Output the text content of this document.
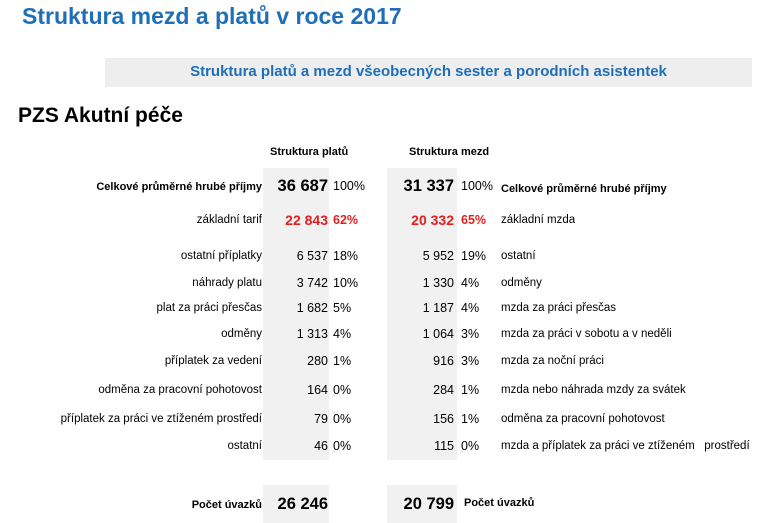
Struktura mezd a platů v roce 2017
Struktura platů a mezd všeobecných sester a porodních asistentek
PZS Akutní péče
Struktura platů	Struktura mezd
Celkové průměrné hrubé příjmy 36 687 100%	31 337 100% Celkové průměrné hrubé příjmy
základní tarif	22 843 62%	20 332 65% základní mzda
ostatní příplatky	6 537 18%	5 952 19% ostatní
náhrady platu	3 742 10%	1 330 4% odměny
plat za práci přesčas	1 682 5%	1 187 4% mzda za práci přesčas
odměny	1 313 4%	1 064 3% mzda za práci v sobotu a v neděli
příplatek za vedení	280 1%	916 3% mzda za noční práci
odměna za pracovní pohotovost	164 0%	284 1% mzda nebo náhrada mzdy za svátek
příplatek za práci ve ztíženém prostředí	79 0%	156 1% odměna za pracovní pohotovost
ostatní	46 0%	115 0% mzda a příplatek za práci ve ztíženém   prostředí
Počet úvazků 26 246	20 799 Počet úvazků
